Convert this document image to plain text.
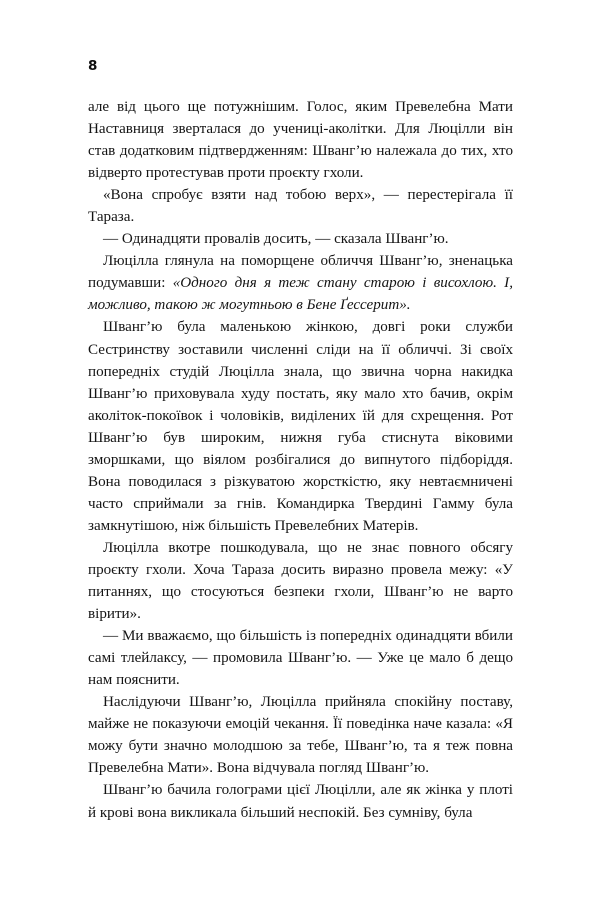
8

але від цього ще потужнішим. Голос, яким Превелебна Мати Наставниця зверталася до учениці-аколітки. Для Люцілли він став додатковим підтвердженням: Шванг’ю належала до тих, хто відверто протестував проти проєкту гхоли.

«Вона спробує взяти над тобою верх», — перестерігала її Тараза.

— Одинадцяти провалів досить, — сказала Шванг’ю.

Люцілла глянула на поморщене обличчя Шванг’ю, зненацька подумавши: «Одного дня я теж стану старою і висохлою. І, можливо, такою ж могутньою в Бене Ґессерит».

Шванг’ю була маленькою жінкою, довгі роки служби Сестринству зоставили численні сліди на її обличчі. Зі своїх попередніх студій Люцілла знала, що звична чорна накидка Шванг’ю приховувала худу постать, яку мало хто бачив, окрім аколіток-покоївок і чоловіків, виділених їй для схрещення. Рот Шванг’ю був широким, нижня губа стиснута віковими зморшками, що віялом розбігалися до випнутого підборіддя. Вона поводилася з різкуватою жорсткістю, яку невтаємничені часто сприймали за гнів. Командирка Твердині Гамму була замкнутішою, ніж більшість Превелебних Матерів.

Люцілла вкотре пошкодувала, що не знає повного обсягу проєкту гхоли. Хоча Тараза досить виразно провела межу: «У питаннях, що стосуються безпеки гхоли, Шванг’ю не варто вірити».

— Ми вважаємо, що більшість із попередніх одинадцяти вбили самі тлейлаксу, — промовила Шванг’ю. — Уже це мало б дещо нам пояснити.

Наслідуючи Шванг’ю, Люцілла прийняла спокійну поставу, майже не показуючи емоцій чекання. Її поведінка наче казала: «Я можу бути значно молодшою за тебе, Шванг’ю, та я теж повна Превелебна Мати». Вона відчувала погляд Шванг’ю.

Шванг’ю бачила голограми цієї Люцілли, але як жінка у плоті й крові вона викликала більший неспокій. Без сумніву, була
